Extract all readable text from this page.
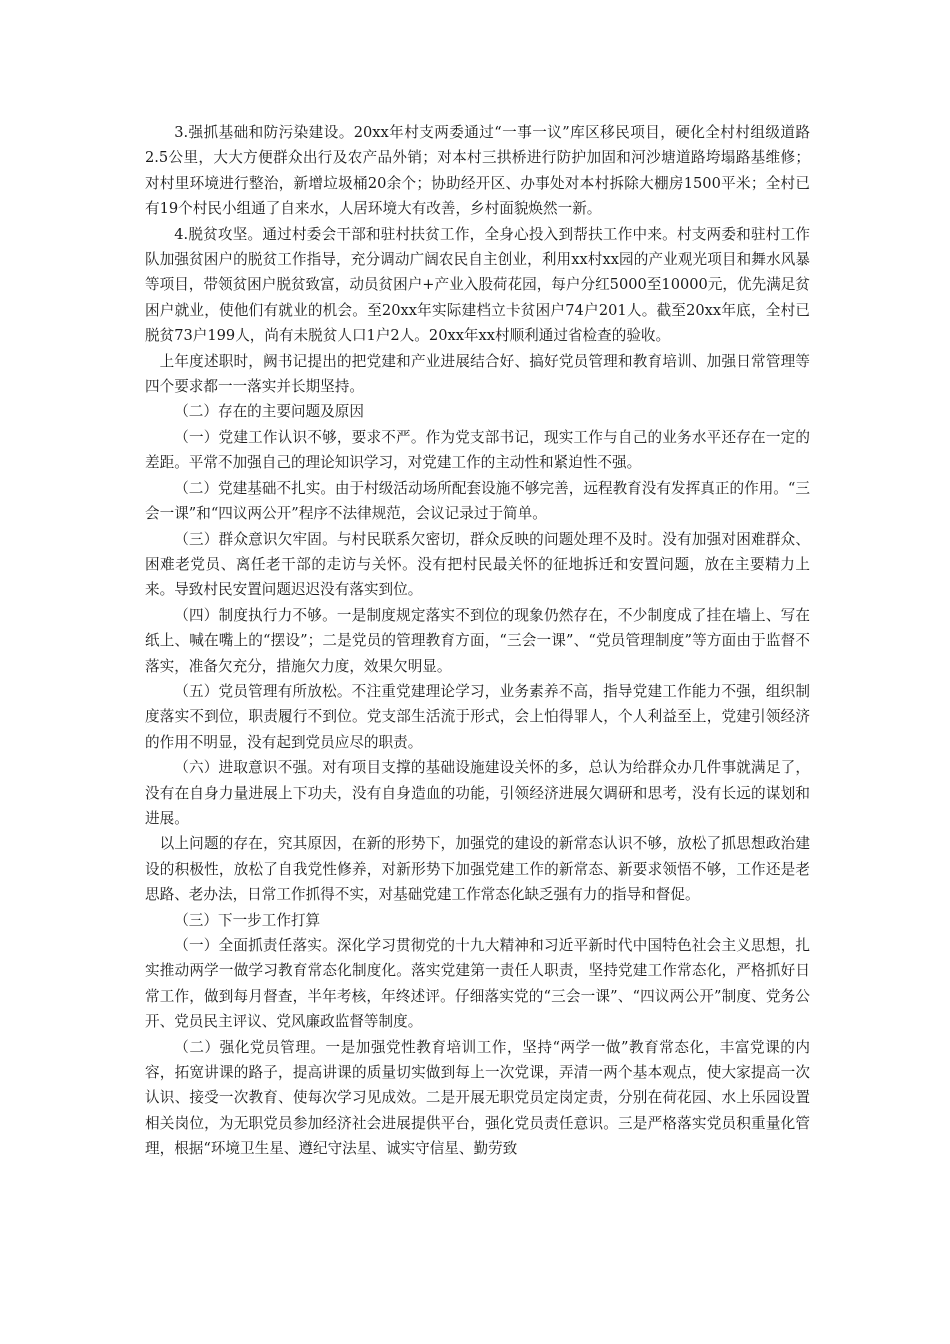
3.强抓基础和防污染建设。20xx年村支两委通过“一事一议”库区移民项目，硬化全村村组级道路2.5公里，大大方便群众出行及农产品外销；对本村三拱桥进行防护加固和河沙塘道路垮塌路基维修；对村里环境进行整治，新增垃圾桶20余个；协助经开区、办事处对本村拆除大棚房1500平米；全村已有19个村民小组通了自来水，人居环境大有改善，乡村面貌焕然一新。

4.脱贫攻坚。通过村委会干部和驻村扶贫工作，全身心投入到帮扶工作中来。村支两委和驻村工作队加强贫困户的脱贫工作指导，充分调动广阔农民自主创业，利用xx村xx园的产业观光项目和舞水风暴等项目，带领贫困户脱贫致富，动员贫困户+产业入股荷花园，每户分红5000至10000元，优先满足贫困户就业，使他们有就业的机会。至20xx年实际建档立卡贫困户74户201人。截至20xx年底，全村已脱贫73户199人，尚有未脱贫人口1户2人。20xx年xx村顺利通过省检查的验收。

上年度述职时，阙书记提出的把党建和产业进展结合好、搞好党员管理和教育培训、加强日常管理等四个要求都一一落实并长期坚持。

（二）存在的主要问题及原因

（一）党建工作认识不够，要求不严。作为党支部书记，现实工作与自己的业务水平还存在一定的差距。平常不加强自己的理论知识学习，对党建工作的主动性和紧迫性不强。

（二）党建基础不扎实。由于村级活动场所配套设施不够完善，远程教育没有发挥真正的作用。“三会一课”和“四议两公开”程序不法律规范，会议记录过于简单。

（三）群众意识欠牢固。与村民联系欠密切，群众反映的问题处理不及时。没有加强对困难群众、困难老党员、离任老干部的走访与关怀。没有把村民最关怀的征地拆迁和安置问题，放在主要精力上来。导致村民安置问题迟迟没有落实到位。

（四）制度执行力不够。一是制度规定落实不到位的现象仍然存在，不少制度成了挂在墙上、写在纸上、喊在嘴上的“摆设”；二是党员的管理教育方面，“三会一课”、“党员管理制度”等方面由于监督不落实，准备欠充分，措施欠力度，效果欠明显。

（五）党员管理有所放松。不注重党建理论学习，业务素养不高，指导党建工作能力不强，组织制度落实不到位，职责履行不到位。党支部生活流于形式，会上怕得罪人，个人利益至上，党建引领经济的作用不明显，没有起到党员应尽的职责。

（六）进取意识不强。对有项目支撑的基础设施建设关怀的多，总认为给群众办几件事就满足了，没有在自身力量进展上下功夫，没有自身造血的功能，引领经济进展欠调研和思考，没有长远的谋划和进展。

以上问题的存在，究其原因，在新的形势下，加强党的建设的新常态认识不够，放松了抓思想政治建设的积极性，放松了自我党性修养，对新形势下加强党建工作的新常态、新要求领悟不够，工作还是老思路、老办法，日常工作抓得不实，对基础党建工作常态化缺乏强有力的指导和督促。

（三）下一步工作打算

（一）全面抓责任落实。深化学习贯彻党的十九大精神和习近平新时代中国特色社会主义思想，扎实推动两学一做学习教育常态化制度化。落实党建第一责任人职责，坚持党建工作常态化，严格抓好日常工作，做到每月督查，半年考核，年终述评。仔细落实党的“三会一课”、“四议两公开”制度、党务公开、党员民主评议、党风廉政监督等制度。

（二）强化党员管理。一是加强党性教育培训工作，坚持“两学一做”教育常态化，丰富党课的内容，拓宽讲课的路子，提高讲课的质量切实做到每上一次党课，弄清一两个基本观点，使大家提高一次认识、接受一次教育、使每次学习见成效。二是开展无职党员定岗定责，分别在荷花园、水上乐园设置相关岗位，为无职党员参加经济社会进展提供平台，强化党员责任意识。三是严格落实党员积重量化管理，根据“环境卫生星、遵纪守法星、诚实守信星、勤劳致
